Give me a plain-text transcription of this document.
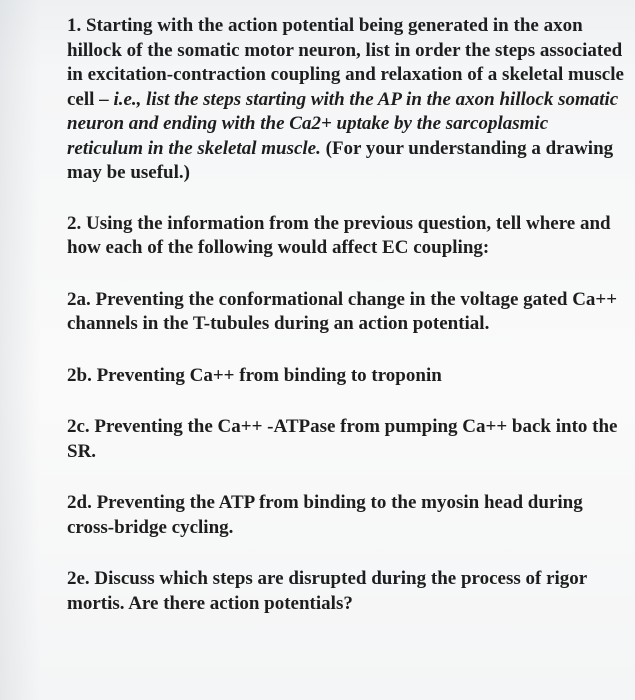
1. Starting with the action potential being generated in the axon hillock of the somatic motor neuron, list in order the steps associated in excitation-contraction coupling and relaxation of a skeletal muscle cell – i.e., list the steps starting with the AP in the axon hillock somatic neuron and ending with the Ca2+ uptake by the sarcoplasmic reticulum in the skeletal muscle. (For your understanding a drawing may be useful.)

2. Using the information from the previous question, tell where and how each of the following would affect EC coupling:

2a. Preventing the conformational change in the voltage gated Ca++ channels in the T-tubules during an action potential.

2b. Preventing Ca++ from binding to troponin

2c. Preventing the Ca++ -ATPase from pumping Ca++ back into the SR.

2d. Preventing the ATP from binding to the myosin head during cross-bridge cycling.

2e. Discuss which steps are disrupted during the process of rigor mortis. Are there action potentials?
